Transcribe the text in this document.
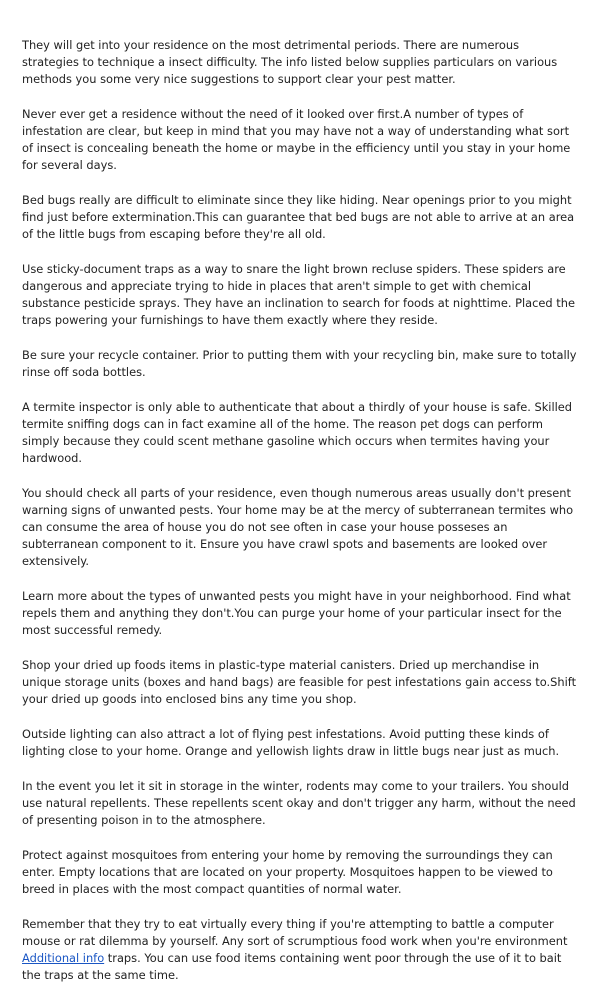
They will get into your residence on the most detrimental periods. There are numerous strategies to technique a insect difficulty. The info listed below supplies particulars on various methods you some very nice suggestions to support clear your pest matter.

Never ever get a residence without the need of it looked over first.A number of types of infestation are clear, but keep in mind that you may have not a way of understanding what sort of insect is concealing beneath the home or maybe in the efficiency until you stay in your home for several days.

Bed bugs really are difficult to eliminate since they like hiding. Near openings prior to you might find just before extermination.This can guarantee that bed bugs are not able to arrive at an area of the little bugs from escaping before they're all old.

Use sticky-document traps as a way to snare the light brown recluse spiders. These spiders are dangerous and appreciate trying to hide in places that aren't simple to get with chemical substance pesticide sprays. They have an inclination to search for foods at nighttime. Placed the traps powering your furnishings to have them exactly where they reside.

Be sure your recycle container. Prior to putting them with your recycling bin, make sure to totally rinse off soda bottles.

A termite inspector is only able to authenticate that about a thirdly of your house is safe. Skilled termite sniffing dogs can in fact examine all of the home. The reason pet dogs can perform simply because they could scent methane gasoline which occurs when termites having your hardwood.

You should check all parts of your residence, even though numerous areas usually don't present warning signs of unwanted pests. Your home may be at the mercy of subterranean termites who can consume the area of house you do not see often in case your house posseses an subterranean component to it. Ensure you have crawl spots and basements are looked over extensively.

Learn more about the types of unwanted pests you might have in your neighborhood. Find what repels them and anything they don't.You can purge your home of your particular insect for the most successful remedy.

Shop your dried up foods items in plastic-type material canisters. Dried up merchandise in unique storage units (boxes and hand bags) are feasible for pest infestations gain access to.Shift your dried up goods into enclosed bins any time you shop.

Outside lighting can also attract a lot of flying pest infestations. Avoid putting these kinds of lighting close to your home. Orange and yellowish lights draw in little bugs near just as much.

In the event you let it sit in storage in the winter, rodents may come to your trailers. You should use natural repellents. These repellents scent okay and don't trigger any harm, without the need of presenting poison in to the atmosphere.

Protect against mosquitoes from entering your home by removing the surroundings they can enter. Empty locations that are located on your property. Mosquitoes happen to be viewed to breed in places with the most compact quantities of normal water.

Remember that they try to eat virtually every thing if you're attempting to battle a computer mouse or rat dilemma by yourself. Any sort of scrumptious food work when you're environment Additional info traps. You can use food items containing went poor through the use of it to bait the traps at the same time.
